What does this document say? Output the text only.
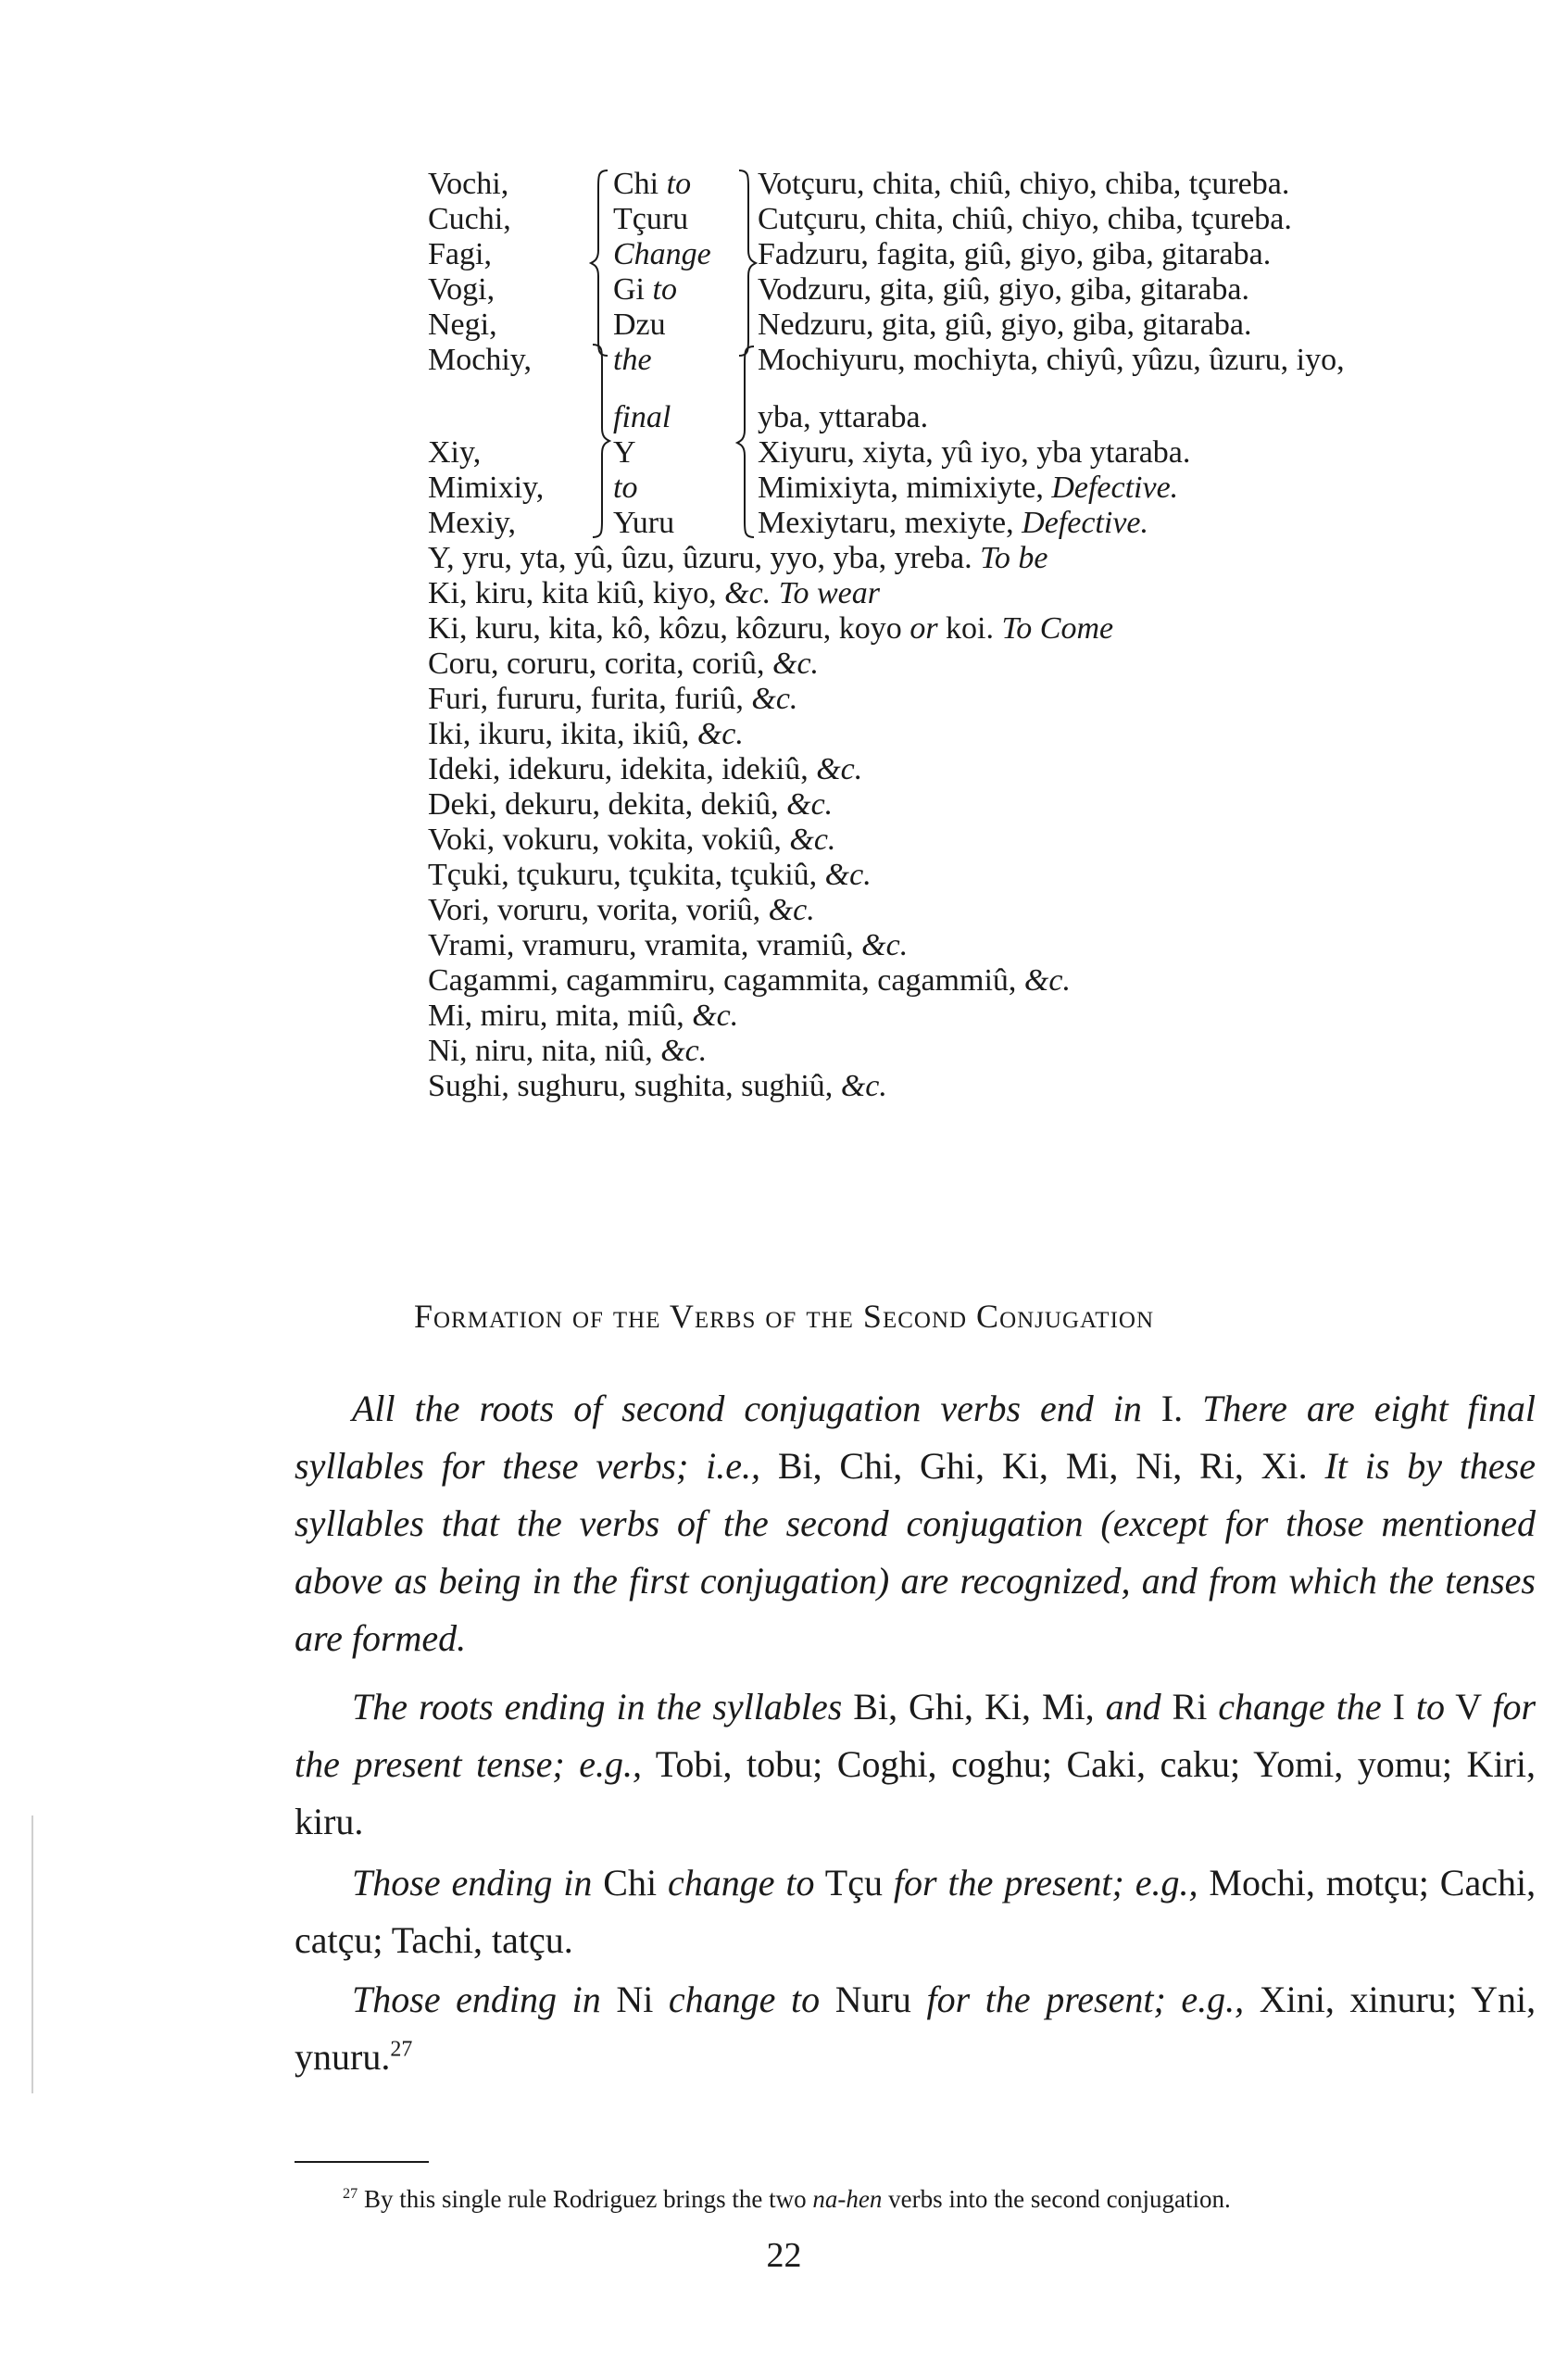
Vochi,
Cuchi,
Fagi,
Vogi,
Negi,
Mochiy,
Xiy,
Mimixiy,
Mexiy,
Chi to
Tçuru
Change
Gi to
Dzu
the
final
Y
to
Yuru
Votçuru, chita, chiû, chiyo, chiba, tçureba.
Cutçuru, chita, chiû, chiyo, chiba, tçureba.
Fadzuru, fagita, giû, giyo, giba, gitaraba.
Vodzuru, gita, giû, giyo, giba, gitaraba.
Nedzuru, gita, giû, giyo, giba, gitaraba.
Mochiyuru, mochiyta, chiyû, yûzu, ûzuru, iyo,
yba, yttaraba.
Xiyuru, xiyta, yû iyo, yba ytaraba.
Mimixiyta, mimixiyte, Defective.
Mexiytaru, mexiyte, Defective.
Y, yru, yta, yû, ûzu, ûzuru, yyo, yba, yreba. To be
Ki, kiru, kita kiû, kiyo, &c. To wear
Ki, kuru, kita, kô, kôzu, kôzuru, koyo or koi. To Come
Coru, coruru, corita, coriû, &c.
Furi, fururu, furita, furiû, &c.
Iki, ikuru, ikita, ikiû, &c.
Ideki, idekuru, idekita, idekiû, &c.
Deki, dekuru, dekita, dekiû, &c.
Voki, vokuru, vokita, vokiû, &c.
Tçuki, tçukuru, tçukita, tçukiû, &c.
Vori, voruru, vorita, voriû, &c.
Vrami, vramuru, vramita, vramiû, &c.
Cagammi, cagammiru, cagammita, cagammiû, &c.
Mi, miru, mita, miû, &c.
Ni, niru, nita, niû, &c.
Sughi, sughuru, sughita, sughiû, &c.
Formation of the Verbs of the Second Conjugation
All the roots of second conjugation verbs end in I. There are eight final syllables for these verbs; i.e., Bi, Chi, Ghi, Ki, Mi, Ni, Ri, Xi. It is by these syllables that the verbs of the second conjugation (except for those mentioned above as being in the first conjugation) are recognized, and from which the tenses are formed.
The roots ending in the syllables Bi, Ghi, Ki, Mi, and Ri change the I to V for the present tense; e.g., Tobi, tobu; Coghi, coghu; Caki, caku; Yomi, yomu; Kiri, kiru.
Those ending in Chi change to Tçu for the present; e.g., Mochi, motçu; Cachi, catçu; Tachi, tatçu.
Those ending in Ni change to Nuru for the present; e.g., Xini, xinuru; Yni, ynuru.$^{27}$
$^{27}$ By this single rule Rodriguez brings the two na-hen verbs into the second conjugation.
22
